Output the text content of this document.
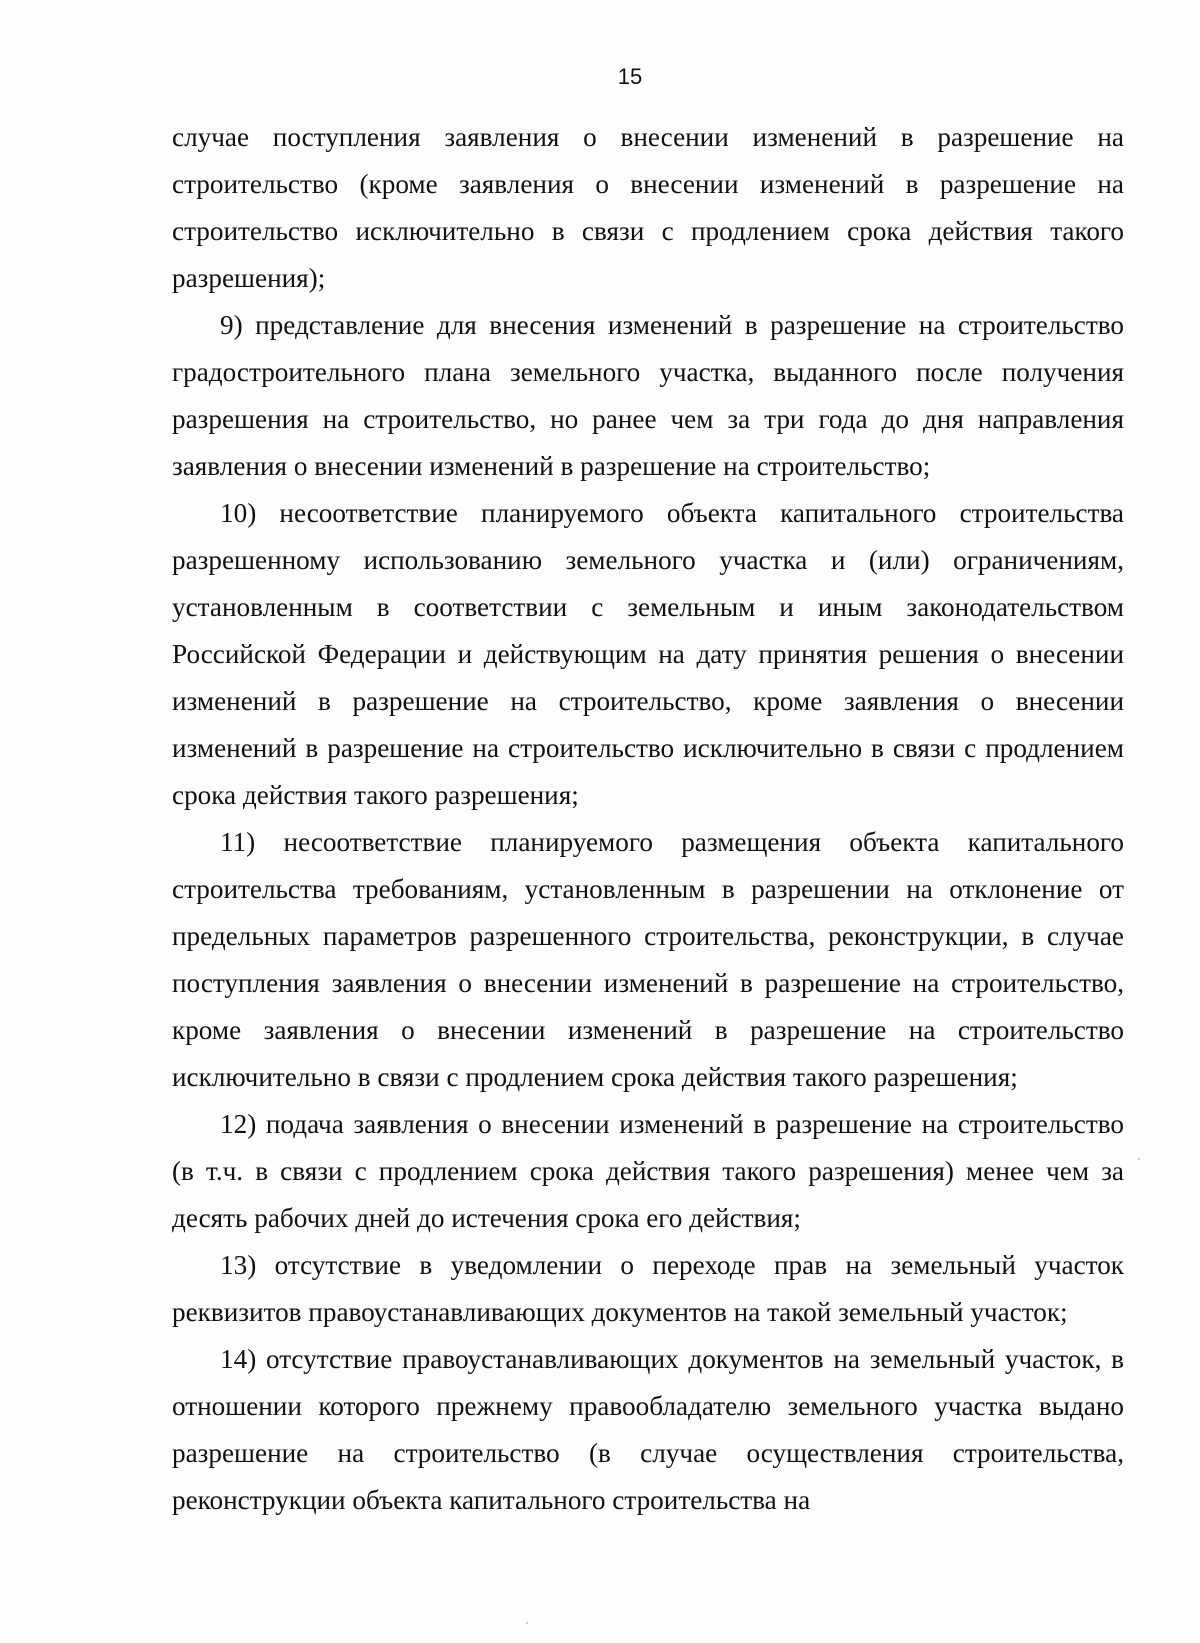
15

случае поступления заявления о внесении изменений в разрешение на строительство (кроме заявления о внесении изменений в разрешение на строительство исключительно в связи с продлением срока действия такого разрешения);

9) представление для внесения изменений в разрешение на строительство градостроительного плана земельного участка, выданного после получения разрешения на строительство, но ранее чем за три года до дня направления заявления о внесении изменений в разрешение на строительство;

10) несоответствие планируемого объекта капитального строительства разрешенному использованию земельного участка и (или) ограничениям, установленным в соответствии с земельным и иным законодательством Российской Федерации и действующим на дату принятия решения о внесении изменений в разрешение на строительство, кроме заявления о внесении изменений в разрешение на строительство исключительно в связи с продлением срока действия такого разрешения;

11) несоответствие планируемого размещения объекта капитального строительства требованиям, установленным в разрешении на отклонение от предельных параметров разрешенного строительства, реконструкции, в случае поступления заявления о внесении изменений в разрешение на строительство, кроме заявления о внесении изменений в разрешение на строительство исключительно в связи с продлением срока действия такого разрешения;

12) подача заявления о внесении изменений в разрешение на строительство (в т.ч. в связи с продлением срока действия такого разрешения) менее чем за десять рабочих дней до истечения срока его действия;

13) отсутствие в уведомлении о переходе прав на земельный участок реквизитов правоустанавливающих документов на такой земельный участок;

14) отсутствие правоустанавливающих документов на земельный участок, в отношении которого прежнему правообладателю земельного участка выдано разрешение на строительство (в случае осуществления строительства, реконструкции объекта капитального строительства на
